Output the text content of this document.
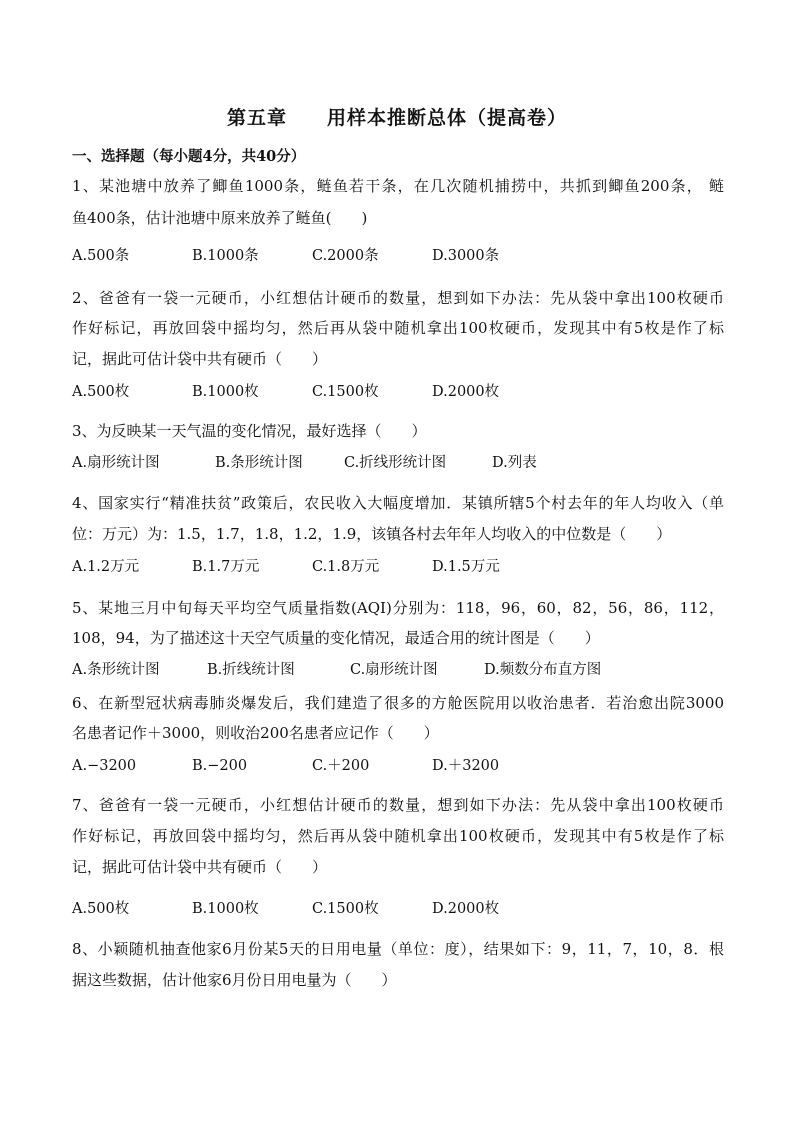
第五章　　用样本推断总体（提高卷）
一、选择题（每小题4分，共40分）
1、某池塘中放养了鲫鱼1000条，鲢鱼若干条，在几次随机捕捞中，共抓到鲫鱼200条， 鲢
鱼400条，估计池塘中原来放养了鲢鱼(　　)
A.500条	B.1000条	C.2000条	D.3000条
2、爸爸有一袋一元硬币，小红想估计硬币的数量，想到如下办法：先从袋中拿出100枚硬币
作好标记，再放回袋中摇均匀，然后再从袋中随机拿出100枚硬币，发现其中有5枚是作了标
记，据此可估计袋中共有硬币（　　）
A.500枚	B.1000枚	C.1500枚	D.2000枚
3、为反映某一天气温的变化情况，最好选择（　　）
A.扇形统计图	B.条形统计图	C.折线形统计图	D.列表
4、国家实行“精准扶贫”政策后，农民收入大幅度增加．某镇所辖5个村去年的年人均收入（单
位：万元）为：1.5，1.7，1.8，1.2，1.9，该镇各村去年年人均收入的中位数是（　　）
A.1.2万元	B.1.7万元	C.1.8万元	D.1.5万元
5、某地三月中旬每天平均空气质量指数(AQI)分别为：118，96，60，82，56，86，112，
108，94，为了描述这十天空气质量的变化情况，最适合用的统计图是（　　）
A.条形统计图	B.折线统计图	C.扇形统计图	D.频数分布直方图
6、在新型冠状病毒肺炎爆发后，我们建造了很多的方舱医院用以收治患者．若治愈出院3000
名患者记作＋3000，则收治200名患者应记作（　　）
A.−3200	B.−200	C.＋200	D.＋3200
7、爸爸有一袋一元硬币，小红想估计硬币的数量，想到如下办法：先从袋中拿出100枚硬币
作好标记，再放回袋中摇均匀，然后再从袋中随机拿出100枚硬币，发现其中有5枚是作了标
记，据此可估计袋中共有硬币（　　）
A.500枚	B.1000枚	C.1500枚	D.2000枚
8、小颖随机抽查他家6月份某5天的日用电量（单位：度），结果如下：9，11，7，10，8．根
据这些数据，估计他家6月份日用电量为（　　）
